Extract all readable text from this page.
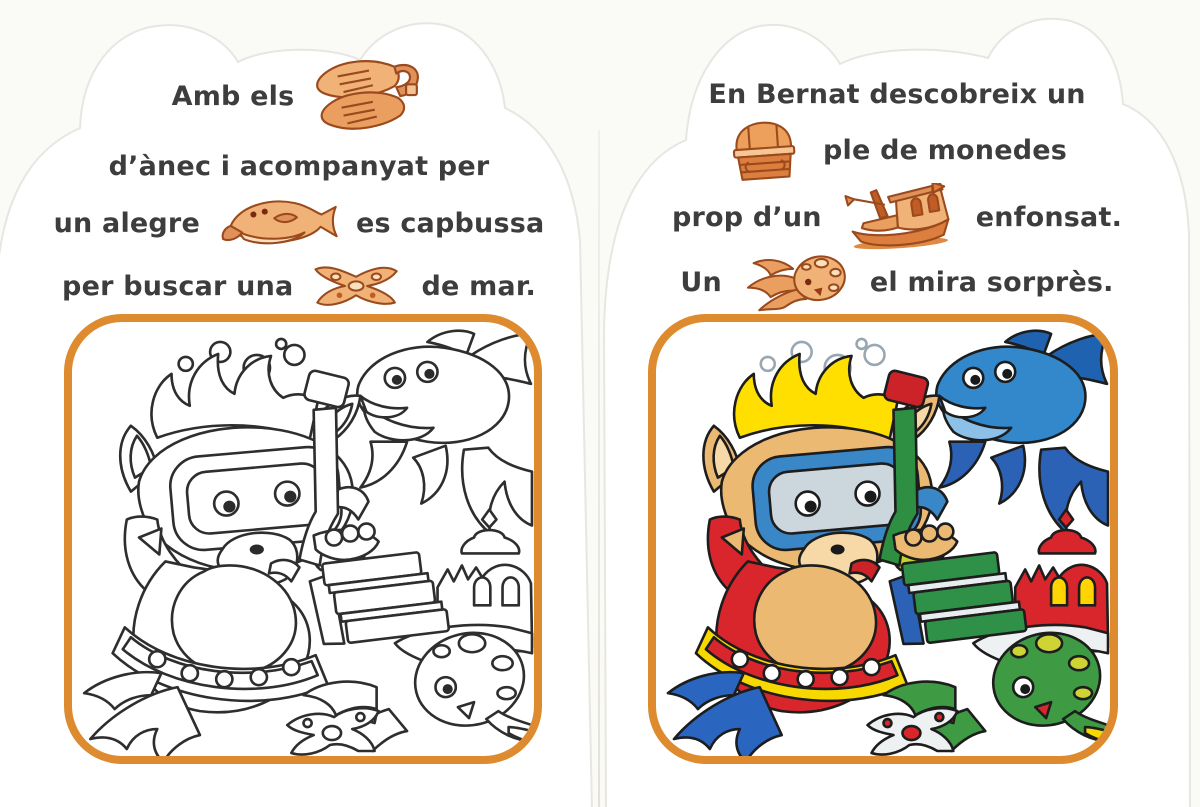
Amb els
d’ànec i acompanyat per
un alegre	es capbussa
per buscar una	de mar.
En Bernat descobreix un
ple de monedes
prop d’un	enfonsat.
Un	el mira sorprès.
